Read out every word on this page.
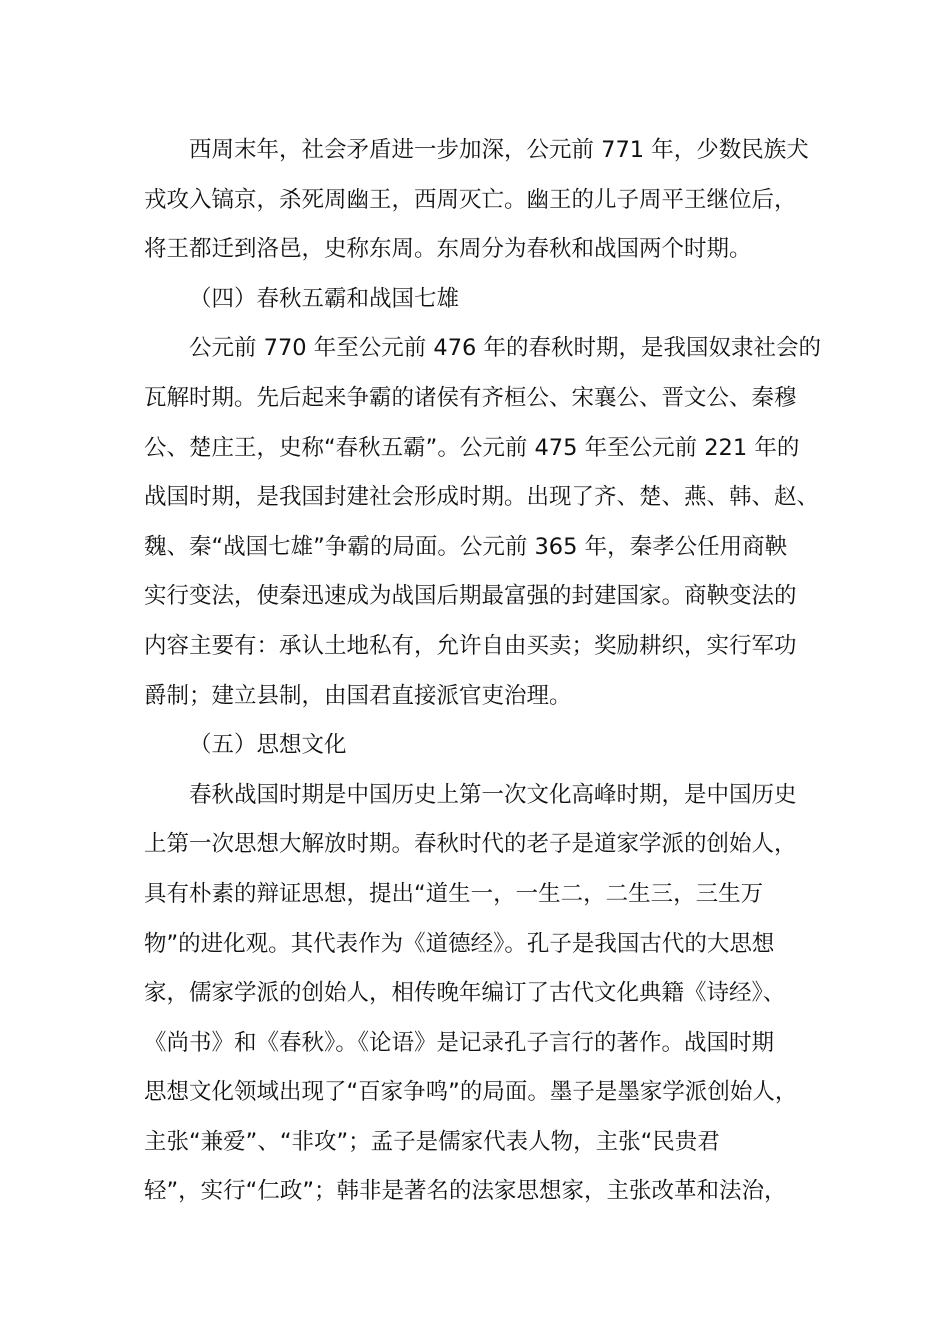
西周末年，社会矛盾进一步加深，公元前 771 年，少数民族犬
戎攻入镐京，杀死周幽王，西周灭亡。幽王的儿子周平王继位后，
将王都迁到洛邑，史称东周。东周分为春秋和战国两个时期。
（四）春秋五霸和战国七雄
公元前 770 年至公元前 476 年的春秋时期，是我国奴隶社会的
瓦解时期。先后起来争霸的诸侯有齐桓公、宋襄公、晋文公、秦穆
公、楚庄王，史称“春秋五霸”。公元前 475 年至公元前 221 年的
战国时期，是我国封建社会形成时期。出现了齐、楚、燕、韩、赵、
魏、秦“战国七雄”争霸的局面。公元前 365 年，秦孝公任用商鞅
实行变法，使秦迅速成为战国后期最富强的封建国家。商鞅变法的
内容主要有：承认土地私有，允许自由买卖；奖励耕织，实行军功
爵制；建立县制，由国君直接派官吏治理。
（五）思想文化
春秋战国时期是中国历史上第一次文化高峰时期，是中国历史
上第一次思想大解放时期。春秋时代的老子是道家学派的创始人，
具有朴素的辩证思想，提出“道生一，一生二，二生三，三生万
物”的进化观。其代表作为《道德经》。孔子是我国古代的大思想
家，儒家学派的创始人，相传晚年编订了古代文化典籍《诗经》、
《尚书》和《春秋》。《论语》是记录孔子言行的著作。战国时期
思想文化领域出现了“百家争鸣”的局面。墨子是墨家学派创始人，
主张“兼爱”、“非攻”；孟子是儒家代表人物，主张“民贵君
轻”，实行“仁政”；韩非是著名的法家思想家，主张改革和法治，
